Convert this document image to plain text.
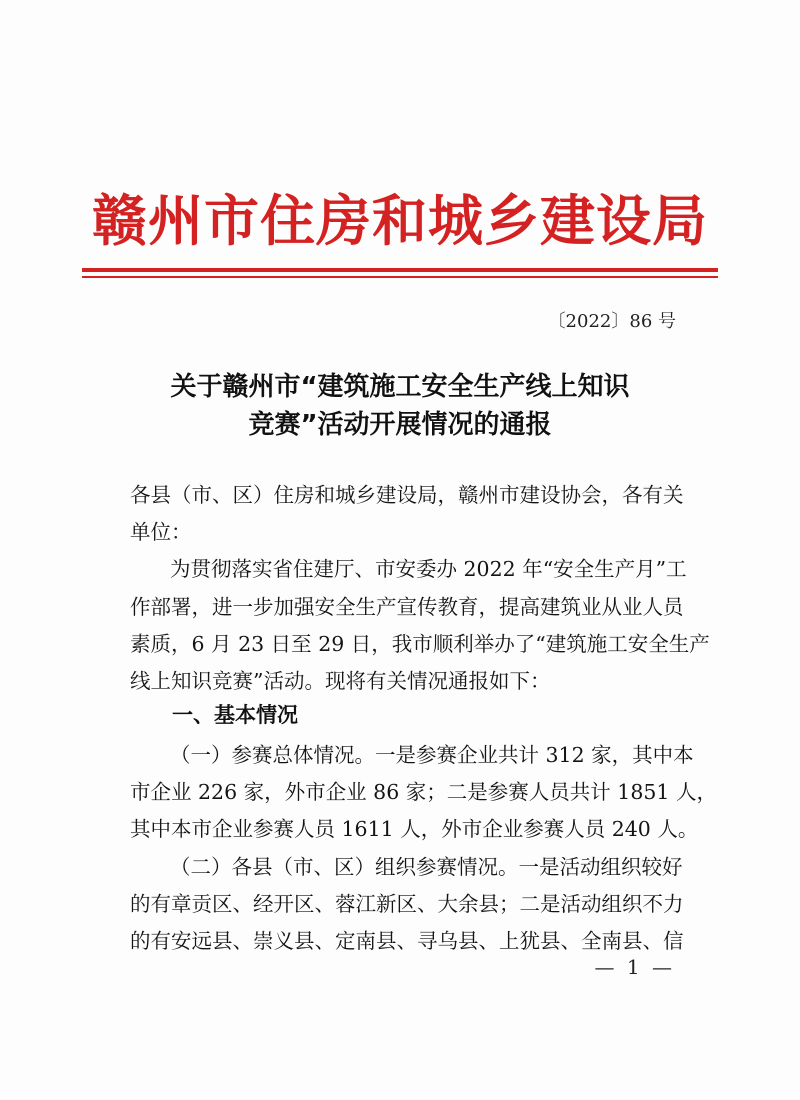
赣州市住房和城乡建设局
〔2022〕86 号
关于赣州市“建筑施工安全生产线上知识
竞赛”活动开展情况的通报
各县（市、区）住房和城乡建设局，赣州市建设协会，各有关
单位：
为贯彻落实省住建厅、市安委办 2022 年“安全生产月”工
作部署，进一步加强安全生产宣传教育，提高建筑业从业人员
素质，6 月 23 日至 29 日，我市顺利举办了“建筑施工安全生产
线上知识竞赛”活动。现将有关情况通报如下：
一、基本情况
（一）参赛总体情况。一是参赛企业共计 312 家，其中本
市企业 226 家，外市企业 86 家；二是参赛人员共计 1851 人，
其中本市企业参赛人员 1611 人，外市企业参赛人员 240 人。
（二）各县（市、区）组织参赛情况。一是活动组织较好
的有章贡区、经开区、蓉江新区、大余县；二是活动组织不力
的有安远县、崇义县、定南县、寻乌县、上犹县、全南县、信
— 1 —
